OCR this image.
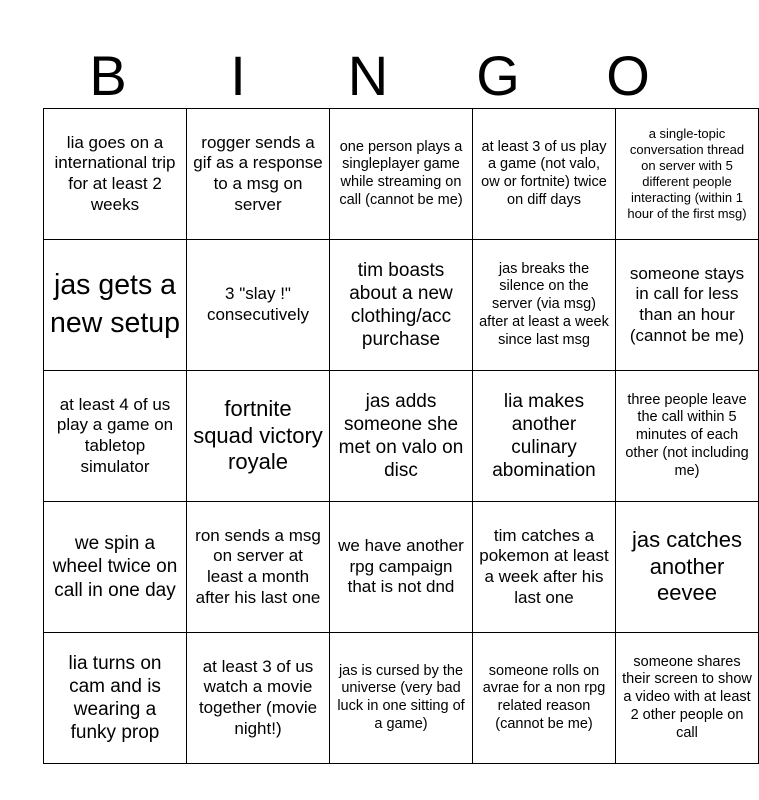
B	I	N	G	O
lia goes on a international trip for at least 2 weeks	rogger sends a gif as a response to a msg on server	one person plays a singleplayer game while streaming on call (cannot be me)	at least 3 of us play a game (not valo, ow or fortnite) twice on diff days	a single-topic conversation thread on server with 5 different people interacting (within 1 hour of the first msg)
jas gets a new setup	3 "slay !" consecutively	tim boasts about a new clothing/acc purchase	jas breaks the silence on the server (via msg) after at least a week since last msg	someone stays in call for less than an hour (cannot be me)
at least 4 of us play a game on tabletop simulator	fortnite squad victory royale	jas adds someone she met on valo on disc	lia makes another culinary abomination	three people leave the call within 5 minutes of each other (not including me)
we spin a wheel twice on call in one day	ron sends a msg on server at least a month after his last one	we have another rpg campaign that is not dnd	tim catches a pokemon at least a week after his last one	jas catches another eevee
lia turns on cam and is wearing a funky prop	at least 3 of us watch a movie together (movie night!)	jas is cursed by the universe (very bad luck in one sitting of a game)	someone rolls on avrae for a non rpg related reason (cannot be me)	someone shares their screen to show a video with at least 2 other people on call
